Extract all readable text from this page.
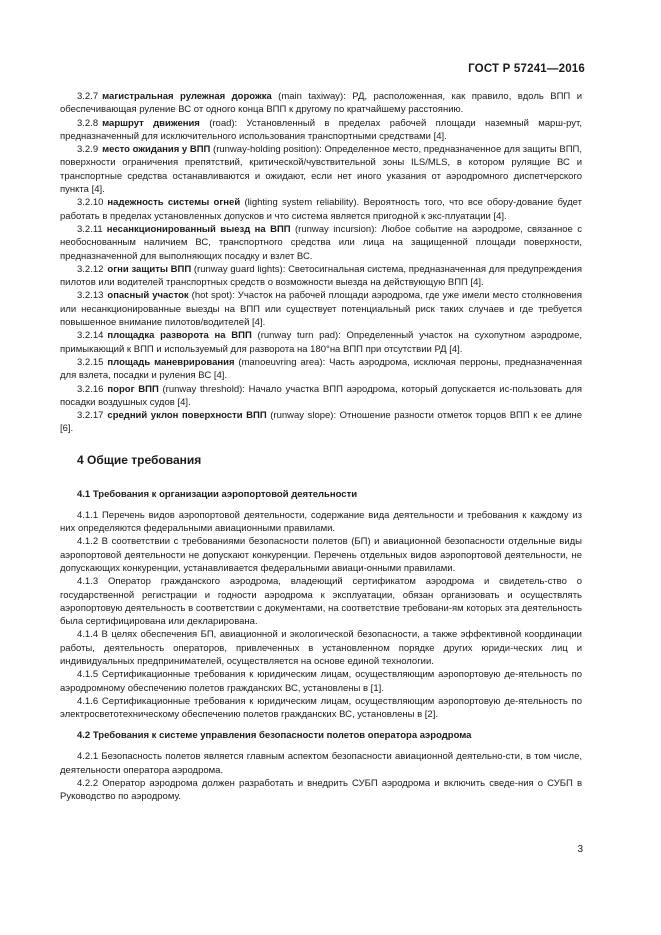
ГОСТ Р 57241—2016

3.2.7 магистральная рулежная дорожка (main taxiway): РД, расположенная, как правило, вдоль ВПП и обеспечивающая руление ВС от одного конца ВПП к другому по кратчайшему расстоянию.

3.2.8 маршрут движения (road): Установленный в пределах рабочей площади наземный марш-рут, предназначенный для исключительного использования транспортными средствами [4].

3.2.9 место ожидания у ВПП (runway-holding position): Определенное место, предназначенное для защиты ВПП, поверхности ограничения препятствий, критической/чувствительной зоны ILS/MLS, в котором рулящие ВС и транспортные средства останавливаются и ожидают, если нет иного указания от аэродромного диспетчерского пункта [4].

3.2.10 надежность системы огней (lighting system reliability). Вероятность того, что все обору-дование будет работать в пределах установленных допусков и что система является пригодной к экс-плуатации [4].

3.2.11 несанкционированный выезд на ВПП (runway incursion): Любое событие на аэродроме, связанное с необоснованным наличием ВС, транспортного средства или лица на защищенной площади поверхности, предназначенной для выполняющих посадку и взлет ВС.

3.2.12 огни защиты ВПП (runway guard lights): Светосигнальная система, предназначенная для предупреждения пилотов или водителей транспортных средств о возможности выезда на действующую ВПП [4].

3.2.13 опасный участок (hot spot): Участок на рабочей площади аэродрома, где уже имели место столкновения или несанкционированные выезды на ВПП или существует потенциальный риск таких случаев и где требуется повышенное внимание пилотов/водителей [4].

3.2.14 площадка разворота на ВПП (runway turn pad): Определенный участок на сухопутном аэродроме, примыкающий к ВПП и используемый для разворота на 180°на ВПП при отсутствии РД [4].

3.2.15 площадь маневрирования (manoeuvring area): Часть аэродрома, исключая перроны, предназначенная для взлета, посадки и руления ВС [4].

3.2.16 порог ВПП (runway threshold): Начало участка ВПП аэродрома, который допускается ис-пользовать для посадки воздушных судов [4].

3.2.17 средний уклон поверхности ВПП (runway slope): Отношение разности отметок торцов ВПП к ее длине [6].

4 Общие требования
4.1 Требования к организации аэропортовой деятельности

4.1.1 Перечень видов аэропортовой деятельности, содержание вида деятельности и требования к каждому из них определяются федеральными авиационными правилами.

4.1.2 В соответствии с требованиями безопасности полетов (БП) и авиационной безопасности отдельные виды аэропортовой деятельности не допускают конкуренции. Перечень отдельных видов аэропортовой деятельности, не допускающих конкуренции, устанавливается федеральными авиаци-онными правилами.

4.1.3 Оператор гражданского аэродрома, владеющий сертификатом аэродрома и свидетель-ство о государственной регистрации и годности аэродрома к эксплуатации, обязан организовать и осуществлять аэропортовую деятельность в соответствии с документами, на соответствие требовани-ям которых эта деятельность была сертифицирована или декларирована.

4.1.4 В целях обеспечения БП, авиационной и экологической безопасности, а также эффективной координации работы, деятельность операторов, привлеченных в установленном порядке других юриди-ческих лиц и индивидуальных предпринимателей, осуществляется на основе единой технологии.

4.1.5 Сертификационные требования к юридическим лицам, осуществляющим аэропортовую де-ятельность по аэродромному обеспечению полетов гражданских ВС, установлены в [1].

4.1.6 Сертификационные требования к юридическим лицам, осуществляющим аэропортовую де-ятельность по электросветотехническому обеспечению полетов гражданских ВС, установлены в [2].

4.2 Требования к системе управления безопасности полетов оператора аэродрома

4.2.1 Безопасность полетов является главным аспектом безопасности авиационной деятельно-сти, в том числе, деятельности оператора аэродрома.

4.2.2 Оператор аэродрома должен разработать и внедрить СУБП аэродрома и включить сведе-ния о СУБП в Руководство по аэродрому.

3
